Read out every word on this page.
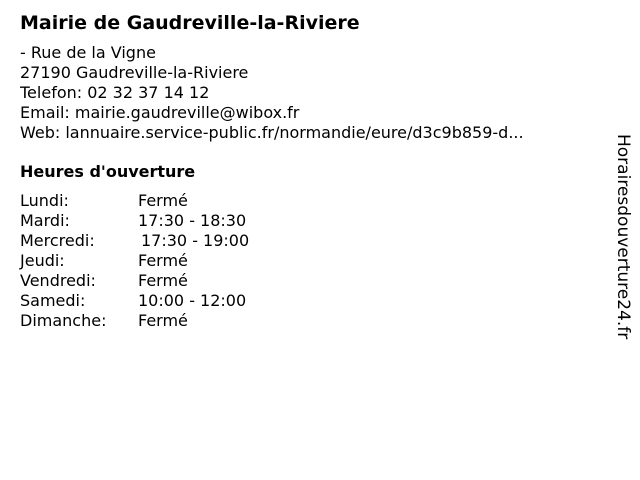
Mairie de Gaudreville-la-Riviere
- Rue de la Vigne
27190 Gaudreville-la-Riviere
Telefon: 02 32 37 14 12
Email: mairie.gaudreville@wibox.fr
Web: lannuaire.service-public.fr/normandie/eure/d3c9b859-d...
Heures d'ouverture
Lundi:	Fermé
Mardi:	17:30 - 18:30
Mercredi:	17:30 - 19:00
Jeudi:	Fermé
Vendredi:	Fermé
Samedi:	10:00 - 12:00
Dimanche:	Fermé	Horairesdouverture24.fr
